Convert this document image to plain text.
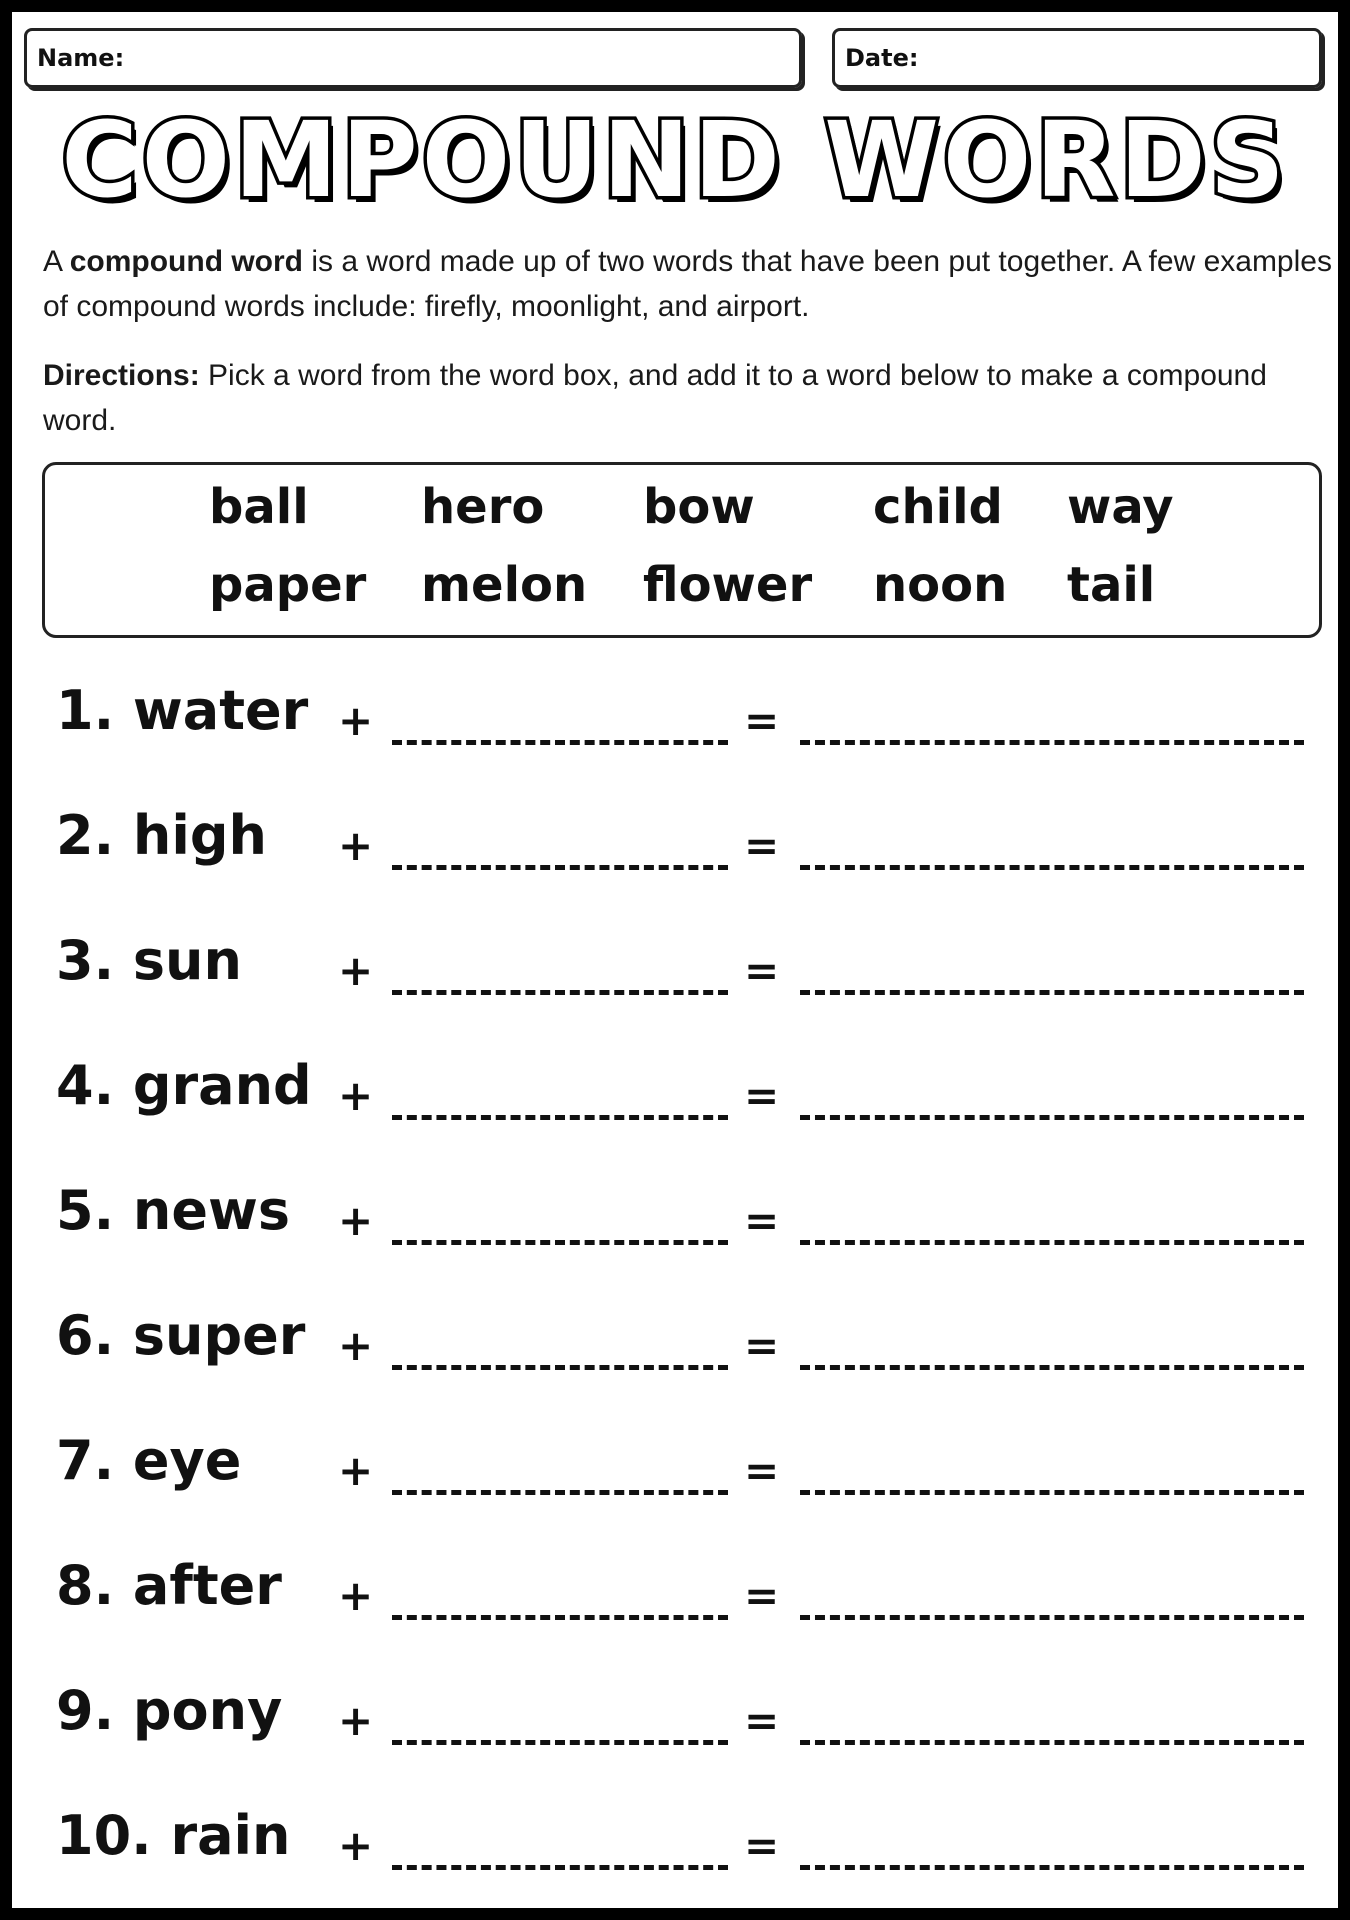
Name:	Date:
COMPOUND WORDS
A compound word is a word made up of two words that have been put together. A few examples of compound words include: firefly, moonlight, and airport.
Directions: Pick a word from the word box, and add it to a word below to make a compound word.
ball hero bow child way
paper melon flower noon tail
1. water +	=
2. high +	=
3. sun +	=
4. grand +	=
5. news +	=
6. super +	=
7. eye +	=
8. after +	=
9. pony +	=
10. rain +	=
